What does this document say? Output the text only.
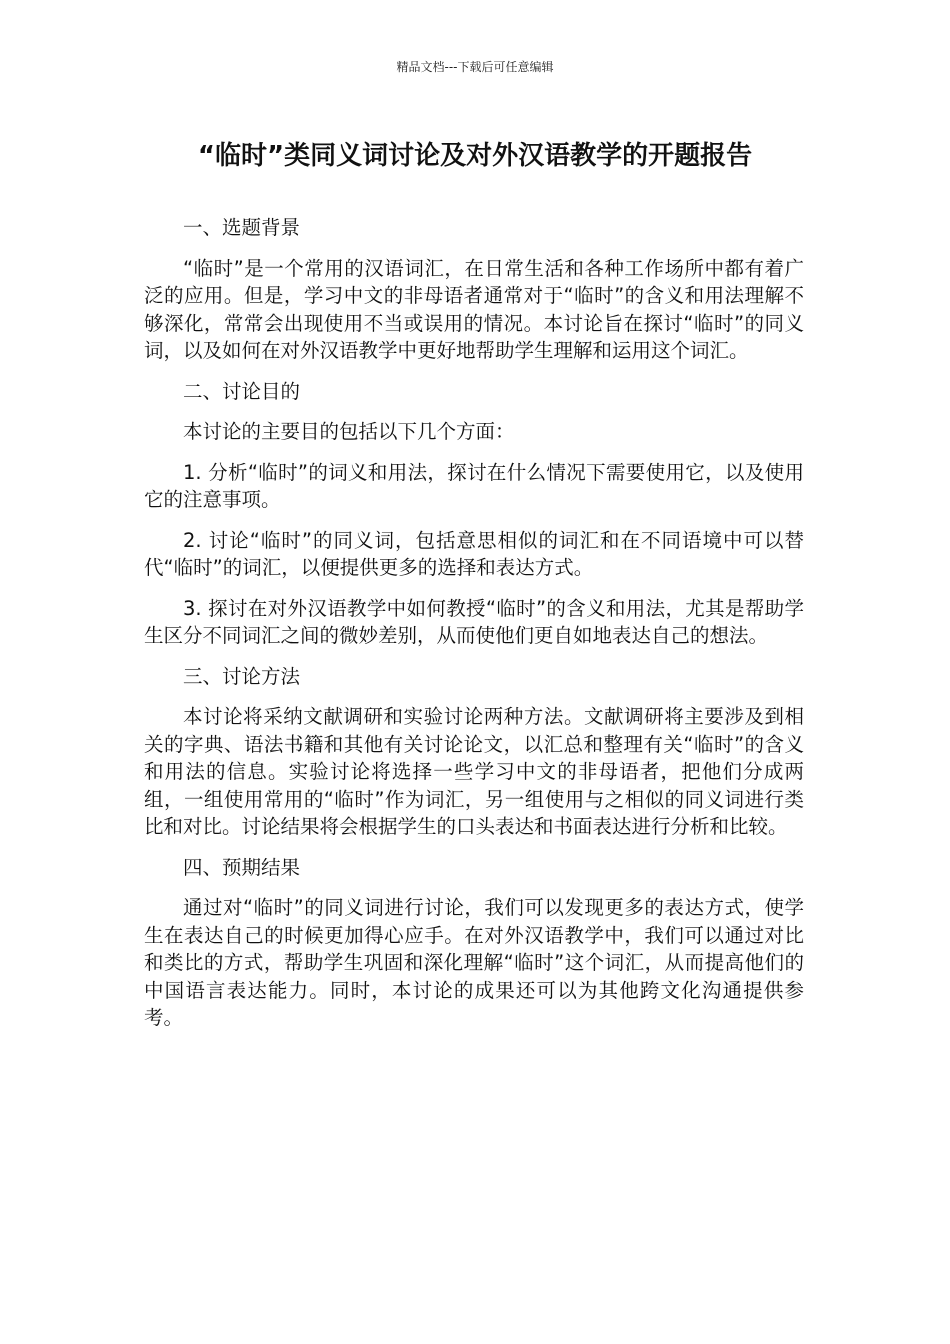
精品文档---下载后可任意编辑
“临时”类同义词讨论及对外汉语教学的开题报告

一、选题背景

“临时”是一个常用的汉语词汇，在日常生活和各种工作场所中都有着广泛的应用。但是，学习中文的非母语者通常对于“临时”的含义和用法理解不够深化，常常会出现使用不当或误用的情况。本讨论旨在探讨“临时”的同义词，以及如何在对外汉语教学中更好地帮助学生理解和运用这个词汇。

二、讨论目的

本讨论的主要目的包括以下几个方面：

1. 分析“临时”的词义和用法，探讨在什么情况下需要使用它，以及使用它的注意事项。

2. 讨论“临时”的同义词，包括意思相似的词汇和在不同语境中可以替代“临时”的词汇，以便提供更多的选择和表达方式。

3. 探讨在对外汉语教学中如何教授“临时”的含义和用法，尤其是帮助学生区分不同词汇之间的微妙差别，从而使他们更自如地表达自己的想法。

三、讨论方法

本讨论将采纳文献调研和实验讨论两种方法。文献调研将主要涉及到相关的字典、语法书籍和其他有关讨论论文，以汇总和整理有关“临时”的含义和用法的信息。实验讨论将选择一些学习中文的非母语者，把他们分成两组，一组使用常用的“临时”作为词汇，另一组使用与之相似的同义词进行类比和对比。讨论结果将会根据学生的口头表达和书面表达进行分析和比较。

四、预期结果

通过对“临时”的同义词进行讨论，我们可以发现更多的表达方式，使学生在表达自己的时候更加得心应手。在对外汉语教学中，我们可以通过对比和类比的方式，帮助学生巩固和深化理解“临时”这个词汇，从而提高他们的中国语言表达能力。同时，本讨论的成果还可以为其他跨文化沟通提供参考。
